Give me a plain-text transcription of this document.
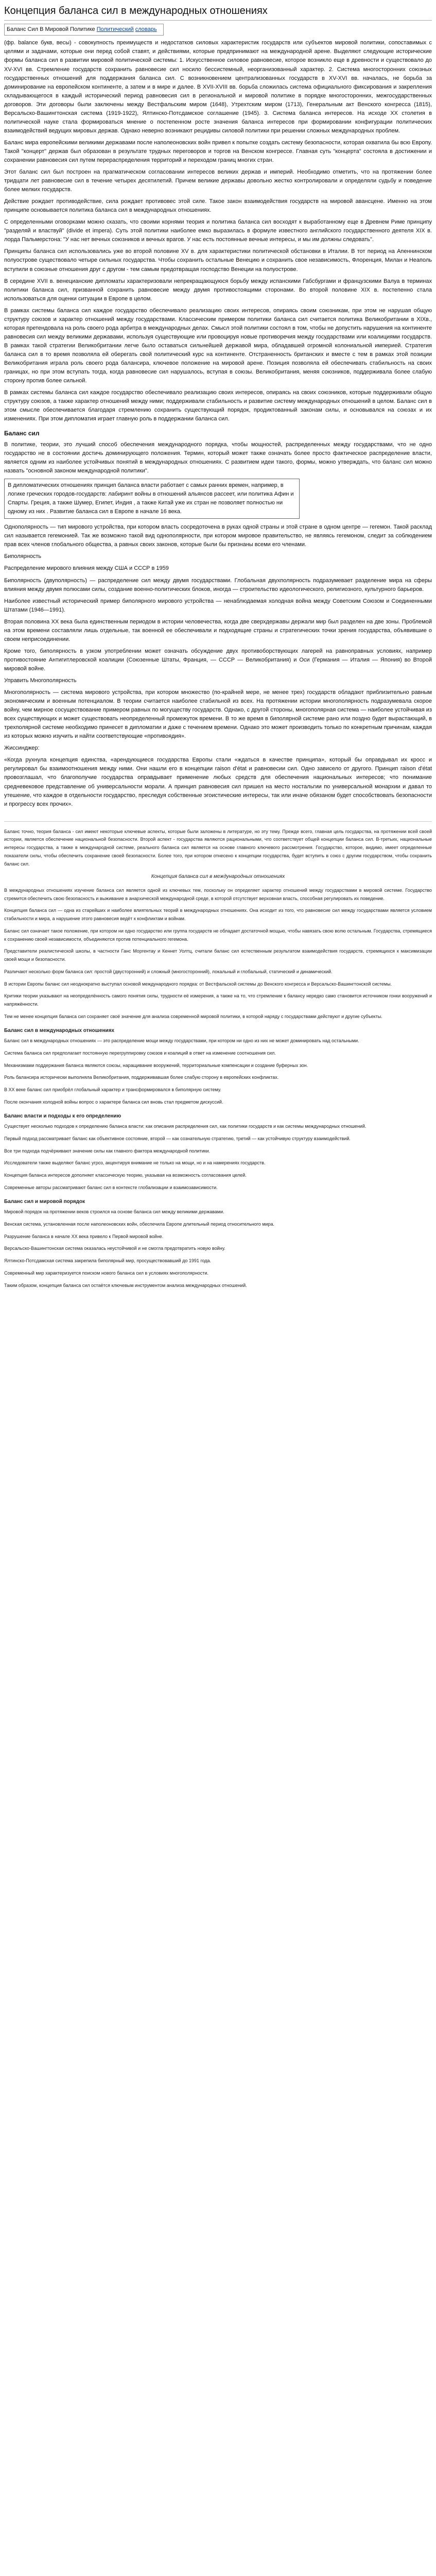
Концепция баланса сил в международных отношениях
Баланс Сил В Мировой Политике Политический словарь

(фр. balance букв, весы) - совокупность преимуществ и недостатков силовых характеристик государств или субъектов мировой политики, сопоставимых с целями и задачами, которые они перед собой ставят, и действиями, которые предпринимают на международной арене. Выделяют следующие исторические формы баланса сил в развитии мировой политической системы: 1. Искусственное силовое равновесие, которое возникло еще в древности и существовало до XV-XVI вв. Стремление государств сохранить равновесие сил носило бессистемный, неорганизованный характер. 2. Система многосторонних союзных государственных отношений для поддержания баланса сил. С возникновением централизованных государств в XV-XVI вв. началась, не борьба за доминирование на европейском континенте, а затем и в мире и далее. В XVII-XVIII вв. борьба сложилась система официального фиксирования и закрепления складывающегося в каждый исторический период равновесия сил в региональной и мировой политике в порядке многосторонних, межгосударственных договоров. Эти договоры были заключены между Вестфальским миром (1648), Утрехтским миром (1713), Генеральным акт Венского конгресса (1815), Версальско-Вашингтонская система (1919-1922), Ялтинско-Потсдамское соглашение (1945). 3. Система баланса интересов. На исходе XX столетия в политической науке стала формироваться мнение о постепенном росте значения баланса интересов при формировании конфигурации политических взаимодействий ведущих мировых держав. Однако неверно возникают рецидивы силовой политики при решении сложных международных проблем.

Баланс мира европейскими великими державами после наполеоновских войн привел к попытке создать систему безопасности, которая охватила бы всю Европу. Такой "концерт" держав был образован в результате трудных переговоров и торгов на Венском конгрессе. Главная суть "концерта" состояла в достижении и сохранении равновесия сил путем перераспределения территорий и переходом границ многих стран.

Этот баланс сил был построен на прагматическом согласовании интересов великих держав и империй. Необходимо отметить, что на протяжении более тридцати лет равновесие сил в течение четырех десятилетий. Причем великие державы довольно жестко контролировали и определяли судьбу и поведение более мелких государств.

Действие рождает противодействие, сила рождает противовес этой силе. Такое закон взаимодействия государств на мировой авансцене. Именно на этом принципе основывается политика баланса сил в международных отношениях.

С определенными оговорками можно сказать, что своими корнями теория и политика баланса сил восходят к выработанному еще в Древнем Риме принципу "разделяй и властвуй" (divide et impera). Суть этой политики наиболее емко выразилась в формуле известного английского государственного деятеля XIX в. лорда Пальмерстона: "У нас нет вечных союзников и вечных врагов. У нас есть постоянные вечные интересы, и мы им должны следовать".

Принципы баланса сил использовались уже во второй половине XV в. для характеристики политической обстановки в Италии. В тот период на Апеннинском полуострове существовало четыре сильных государства. Чтобы сохранить остальные Венецию и сохранить свое независимость, Флоренция, Милан и Неаполь вступили в союзные отношения друг с другом - тем самым предотвращая господство Венеции на полуострове.

В середине XVII в. венецианские дипломаты характеризовали непрекращающуюся борьбу между испанскими Габсбургами и французскими Валуа в терминах политики баланса сил, призванной сохранить равновесие между двумя противостоящими сторонами. Во второй половине XIX в. постепенно стала использоваться для оценки ситуации в Европе в целом.

В рамках системы баланса сил каждое государство обеспечивало реализацию своих интересов, опираясь своим союзникам, при этом не нарушая общую структуру союзов и характер отношений между государствами. Классическим примером политики баланса сил считается политика Великобритании в XIXв., которая претендовала на роль своего рода арбитра в международных делах. Смысл этой политики состоял в том, чтобы не допустить нарушения на континенте равновесия сил между великими державами, используя существующие или провоцируя новые противоречия между государствами или коалициями государств. В рамках такой стратегии Великобритании легче было оставаться сильнейшей державой мира, обладавшей огромной колониальной империей. Стратегия баланса сил в то время позволяла ей оберегать свой политический курс на континенте. Отстраненность британских и вместе с тем в рамках этой позиции Великобритания играла роль своего рода балансира, ключевое положение на мировой арене. Позиция позволяла ей обеспечивать стабильность на своих границах, но при этом вступать тогда, когда равновесие сил нарушалось, вступая в союзы. Великобритания, меняя союзников, поддерживала более слабую сторону против более сильной.

В рамках системы баланса сил каждое государство обеспечивало реализацию своих интересов, опираясь на своих союзников, которые поддерживали общую структуру союзов, а также характер отношений между ними; поддерживали стабильность и развитие систему международных отношений в целом. Баланс сил в этом смысле обеспечивается благодаря стремлению сохранить существующий порядок, продиктованный законам силы, и основывался на союзах и их изменениях. При этом дипломатия играет главную роль в поддержании баланса сил.

Баланс сил

В политике, теории, это лучший способ обеспечения международного порядка, чтобы мощностей, распределенных между государствами, что не одно государство не в состоянии достичь доминирующего положения. Термин, который может также означать более просто фактическое распределение власти, является одним из наиболее устойчивых понятий в международных отношениях. С развитием идеи такого, формы, можно утверждать, что баланс сил можно назвать "основной законом международной политики".

В дипломатических отношениях принцип баланса власти работает с самых ранних времен, например, в логике греческих городов-государств: лабиринт войны в отношений альянсов рассеет, или политика Афин и Спарты. Греция, а также Шумер, Египет, Индия , а также Китай уже их стран не позволяет полностью ни одному из них . Развитие баланса сил в Европе в начале 16 века.

Однополярность — тип мирового устройства, при котором власть сосредоточена в руках одной страны и этой стране в одном центре — гегемон. Такой расклад сил называется гегемонией. Так же возможно такой вид однополярности, при котором мировое правительство, не являясь гегемоном, следит за соблюдением прав всех членов глобального общества, а равных своих законов, которые были бы признаны всеми его членами.

Биполярность

Распределение мирового влияния между США и СССР в 1959

Биполярность (двуполярность) — распределение сил между двумя государствами. Глобальная двухполярность подразумевает разделение мира на сферы влияния между двумя полюсами силы, создание военно-политических блоков, иногда — строительство идеологического, религиозного, культурного барьеров.

Наиболее известный исторический пример биполярного мирового устройства — ненаблюдаемая холодная война между Советским Союзом и Соединенными Штатами (1946—1991).

Вторая половина XX века была единственным периодом в истории человечества, когда две сверхдержавы держали мир был разделен на две зоны. Проблемой на этом времени составляли лишь отдельные, так военной ее обеспечивали и подходящие страны и стратегических точки зрения государства, объявившие о своем неприсоединении.

Кроме того, биполярность в узком употреблении может означать обсуждение двух противоборствующих лагерей на равноправных условиях, например противостояние Антигитлеровской коалиции (Союзенные Штаты, Франция, — СССР — Великобритания) и Оси (Германия — Италия — Япония) во Второй мировой войне.

Управить Многополярность

Многополярность — система мирового устройства, при котором множество (по-крайней мере, не менее трех) государств обладают приблизительно равным экономическим и военным потенциалом. В теории считается наиболее стабильной из всех. На протяжении истории многополярность подразумевала скорое войну, чем мирное сосуществование примером равных по могуществу государств. Однако, с другой стороны, многополярная система — наиболее устойчивая из всех существующих и может существовать неопределенный промежуток времени. В то же время в биполярной системе рано или поздно будет вырастающий, в трехполярной системе необходимо принесет в дипломатии и даже с течением времени. Однако это может производить только по конкретным причинам, каждая из которых можно изучить и найти соответствующие «противоядия».

Жисcинджер:

«Когда рухнула концепция единства, «арендующиеся государства Европы стали «ждаться в качестве принципа», который бы оправдывал их кросс и регулировал бы взаимоотношения между ними. Они нашли его в концепции raison d'état и равновесии сил. Одно зависело от другого. Принцип raison d'état провозглашал, что благополучие государства оправдывает применение любых средств для обеспечения национальных интересов; что понимание средневековое представление об универсальности морали. А принцип равновесия сил пришел на место ностальгии по универсальной монархии и давал то утешение, что каждое в отдельности государство, преследуя собственные эгоистические интересы, так или иначе обязаном будет способствовать безопасности и прогрессу всех прочих».

Баланс точно, теория баланса - сил имеют некоторые ключевые аспекты, которые были заложены в литературе, но эту тему. Прежде всего, главная цель государства, на протяжении всей своей истории, является обеспечение национальной безопасности. Второй аспект - государства являются рациональными, что соответствует общей концепции баланса сил. В-третьих, национальные интересы государства, а также в международной системе, реального баланса сил является на основе главного ключевого рассмотрения. Государство, которое, видимо, имеет определенные показатели силы, чтобы обеспечить сохранение своей безопасности. Более того, при котором отнесено к концепции государства, будет вступить в союз с другим государством, чтобы сохранить баланс сил.

Концепция баланса сил в международных отношениях

В международных отношениях изучение баланса сил является одной из ключевых тем, поскольку он определяет характер отношений между государствами в мировой системе. Государство стремится обеспечить свою безопасность и выживание в анархической международной среде, в которой отсутствует верховная власть, способная регулировать их поведение.

Концепция баланса сил — одна из старейших и наиболее влиятельных теорий в международных отношениях. Она исходит из того, что равновесие сил между государствами является условием стабильности и мира, а нарушение этого равновесия ведёт к конфликтам и войнам.

Баланс сил означает такое положение, при котором ни одно государство или группа государств не обладает достаточной мощью, чтобы навязать свою волю остальным. Государства, стремящиеся к сохранению своей независимости, объединяются против потенциального гегемона.

Представители реалистической школы, в частности Ганс Моргентау и Кеннет Уолтц, считали баланс сил естественным результатом взаимодействия государств, стремящихся к максимизации своей мощи и безопасности.

Различают несколько форм баланса сил: простой (двусторонний) и сложный (многосторонний), локальный и глобальный, статический и динамический.

В истории Европы баланс сил неоднократно выступал основой международного порядка: от Вестфальской системы до Венского конгресса и Версальско-Вашингтонской системы.

Критики теории указывают на неопределённость самого понятия силы, трудности её измерения, а также на то, что стремление к балансу нередко само становится источником гонки вооружений и напряжённости.

Тем не менее концепция баланса сил сохраняет своё значение для анализа современной мировой политики, в которой наряду с государствами действуют и другие субъекты.

Баланс сил в международных отношениях

Баланс сил в международных отношениях — это распределение мощи между государствами, при котором ни одно из них не может доминировать над остальными.

Система баланса сил предполагает постоянную перегруппировку союзов и коалиций в ответ на изменение соотношения сил.

Механизмами поддержания баланса являются союзы, наращивание вооружений, территориальные компенсации и создание буферных зон.

Роль балансира исторически выполняла Великобритания, поддерживавшая более слабую сторону в европейских конфликтах.

В XX веке баланс сил приобрёл глобальный характер и трансформировался в биполярную систему.

После окончания холодной войны вопрос о характере баланса сил вновь стал предметом дискуссий.

Баланс власти и подходы к его определению

Существует несколько подходов к определению баланса власти: как описания распределения сил, как политики государств и как системы международных отношений.

Первый подход рассматривает баланс как объективное состояние, второй — как сознательную стратегию, третий — как устойчивую структуру взаимодействий.

Все три подхода подчёркивают значение силы как главного фактора международной политики.

Исследователи также выделяют баланс угроз, акцентируя внимание не только на мощи, но и на намерениях государств.

Концепция баланса интересов дополняет классическую теорию, указывая на возможность согласования целей.

Современные авторы рассматривают баланс сил в контексте глобализации и взаимозависимости.

Баланс сил и мировой порядок

Мировой порядок на протяжении веков строился на основе баланса сил между великими державами.

Венская система, установленная после наполеоновских войн, обеспечила Европе длительный период относительного мира.

Разрушение баланса в начале XX века привело к Первой мировой войне.

Версальско-Вашингтонская система оказалась неустойчивой и не смогла предотвратить новую войну.

Ялтинско-Потсдамская система закрепила биполярный мир, просуществовавший до 1991 года.

Современный мир характеризуется поиском нового баланса сил в условиях многополярности.

Таким образом, концепция баланса сил остаётся ключевым инструментом анализа международных отношений.
